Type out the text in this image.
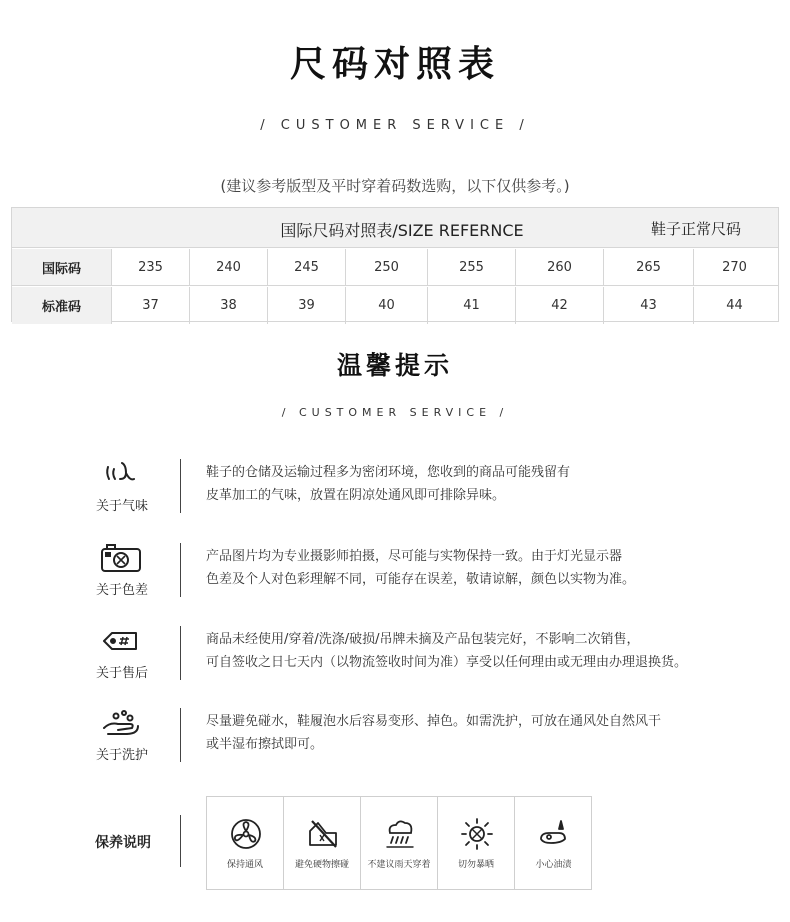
尺码对照表
/ CUSTOMER SERVICE /
(建议参考版型及平时穿着码数选购，以下仅供参考。)
国际尺码对照表/SIZE REFERNCE	鞋子正常尺码
国际码	235	240	245	250	255	260	265	270
标准码	37	38	39	40	41	42	43	44
温馨提示
/ CUSTOMER SERVICE /
关于气味
鞋子的仓储及运输过程多为密闭环境，您收到的商品可能残留有
皮革加工的气味，放置在阴凉处通风即可排除异味。
关于色差
产品图片均为专业摄影师拍摄，尽可能与实物保持一致。由于灯光显示器
色差及个人对色彩理解不同，可能存在误差，敬请谅解，颜色以实物为准。
关于售后
商品未经使用/穿着/洗涤/破损/吊牌未摘及产品包装完好，不影响二次销售，
可自签收之日七天内（以物流签收时间为准）享受以任何理由或无理由办理退换货。
关于洗护
尽量避免碰水，鞋履泡水后容易变形、掉色。如需洗护，可放在通风处自然风干
或半湿布擦拭即可。
保养说明
保持通风	避免硬物擦碰	不建议雨天穿着	切勿暴晒	小心油渍
